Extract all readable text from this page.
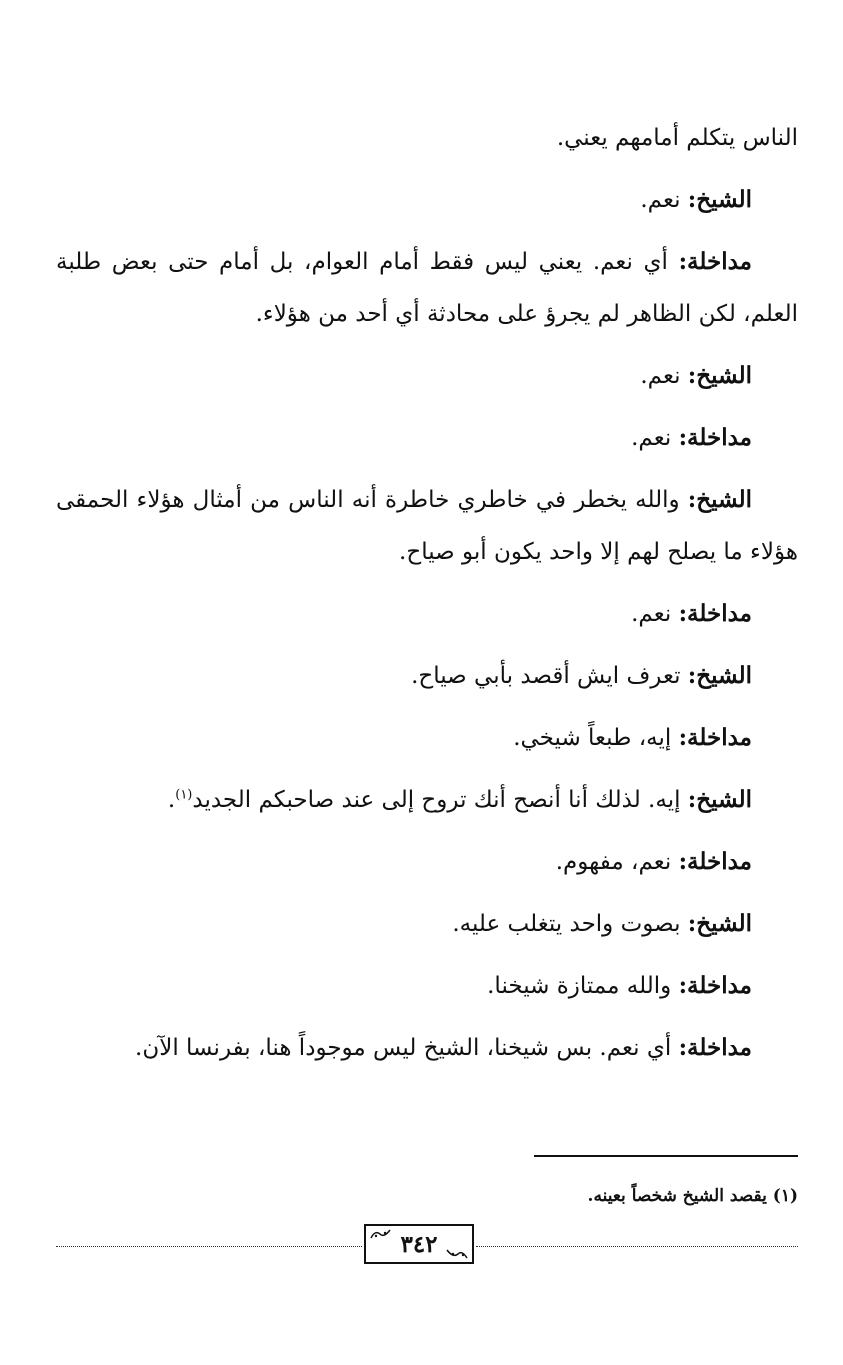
الناس يتكلم أمامهم يعني.

الشيخ: نعم.

مداخلة: أي نعم. يعني ليس فقط أمام العوام، بل أمام حتى بعض طلبة العلم، لكن الظاهر لم يجرؤ على محادثة أي أحد من هؤلاء.

الشيخ: نعم.

مداخلة: نعم.

الشيخ: والله يخطر في خاطري خاطرة أنه الناس من أمثال هؤلاء الحمقى هؤلاء ما يصلح لهم إلا واحد يكون أبو صياح.

مداخلة: نعم.

الشيخ: تعرف ايش أقصد بأبي صياح.

مداخلة: إيه، طبعاً شيخي.

الشيخ: إيه. لذلك أنا أنصح أنك تروح إلى عند صاحبكم الجديد$^{(١)}$.

مداخلة: نعم، مفهوم.

الشيخ: بصوت واحد يتغلب عليه.

مداخلة: والله ممتازة شيخنا.

مداخلة: أي نعم. بس شيخنا، الشيخ ليس موجوداً هنا، بفرنسا الآن.

(١) يقصد الشيخ شخصاً بعينه.
٣٤٢
